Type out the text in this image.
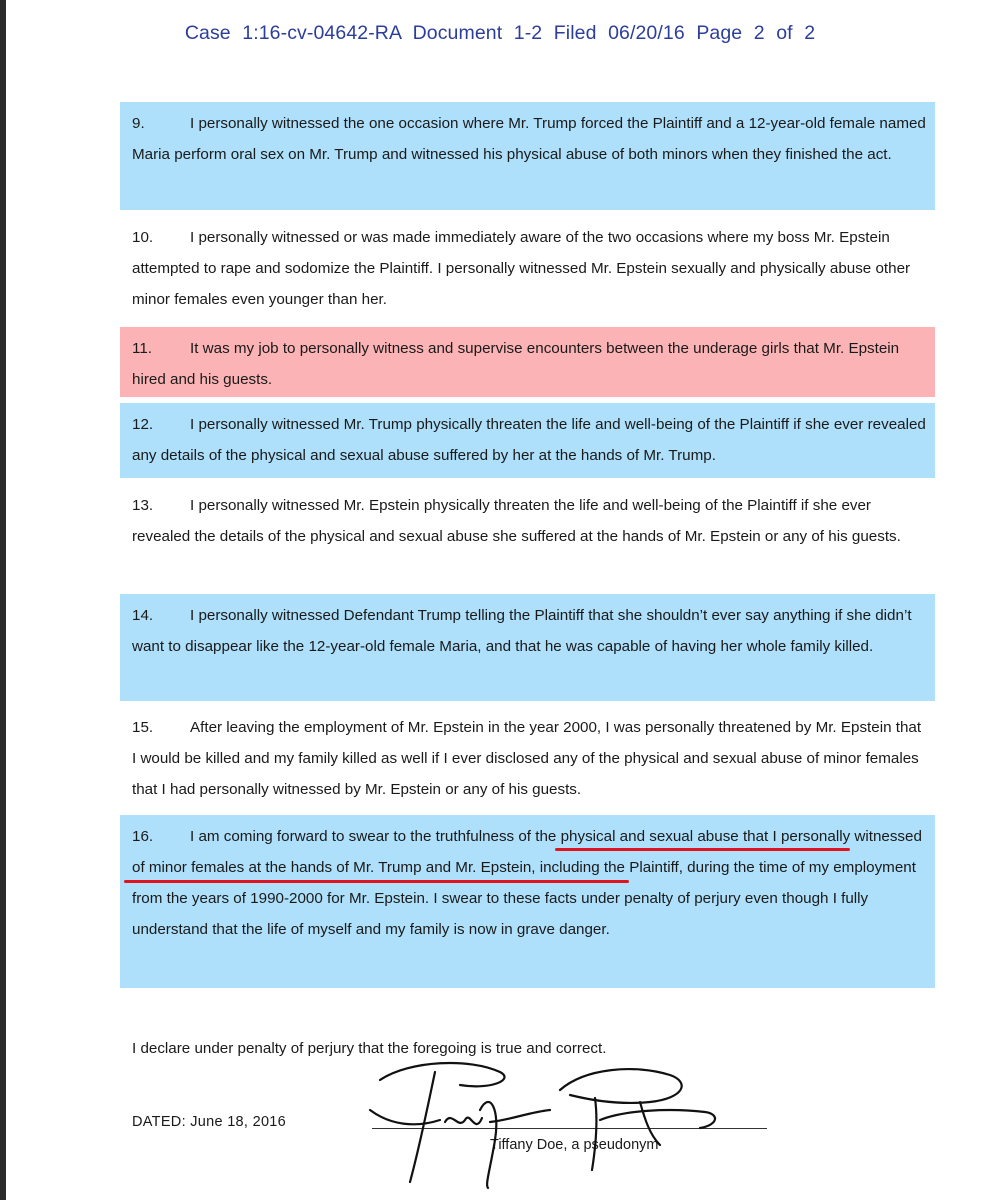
Case 1:16-cv-04642-RA Document 1-2 Filed 06/20/16 Page 2 of 2
9.	I personally witnessed the one occasion where Mr. Trump forced the Plaintiff and a 12-year-old female named Maria perform oral sex on Mr. Trump and witnessed his physical abuse of both minors when they finished the act.
10. I personally witnessed or was made immediately aware of the two occasions where my boss Mr. Epstein attempted to rape and sodomize the Plaintiff. I personally witnessed Mr. Epstein sexually and physically abuse other minor females even younger than her.
11.	It was my job to personally witness and supervise encounters between the underage girls that Mr. Epstein hired and his guests.
12. I personally witnessed Mr. Trump physically threaten the life and well-being of the Plaintiff if she ever revealed any details of the physical and sexual abuse suffered by her at the hands of Mr. Trump.
13. I personally witnessed Mr. Epstein physically threaten the life and well-being of the Plaintiff if she ever revealed the details of the physical and sexual abuse she suffered at the hands of Mr. Epstein or any of his guests.
14. I personally witnessed Defendant Trump telling the Plaintiff that she shouldn’t ever say anything if she didn’t want to disappear like the 12-year-old female Maria, and that he was capable of having her whole family killed.
15. After leaving the employment of Mr. Epstein in the year 2000, I was personally threatened by Mr. Epstein that I would be killed and my family killed as well if I ever disclosed any of the physical and sexual abuse of minor females that I had personally witnessed by Mr. Epstein or any of his guests.
16. I am coming forward to swear to the truthfulness of the physical and sexual abuse that I personally witnessed of minor females at the hands of Mr. Trump and Mr. Epstein, including the Plaintiff, during the time of my employment from the years of 1990-2000 for Mr. Epstein. I swear to these facts under penalty of perjury even though I fully understand that the life of myself and my family is now in grave danger.
I declare under penalty of perjury that the foregoing is true and correct.
DATED: June 18, 2016
Tiffany Doe, a pseudonym
